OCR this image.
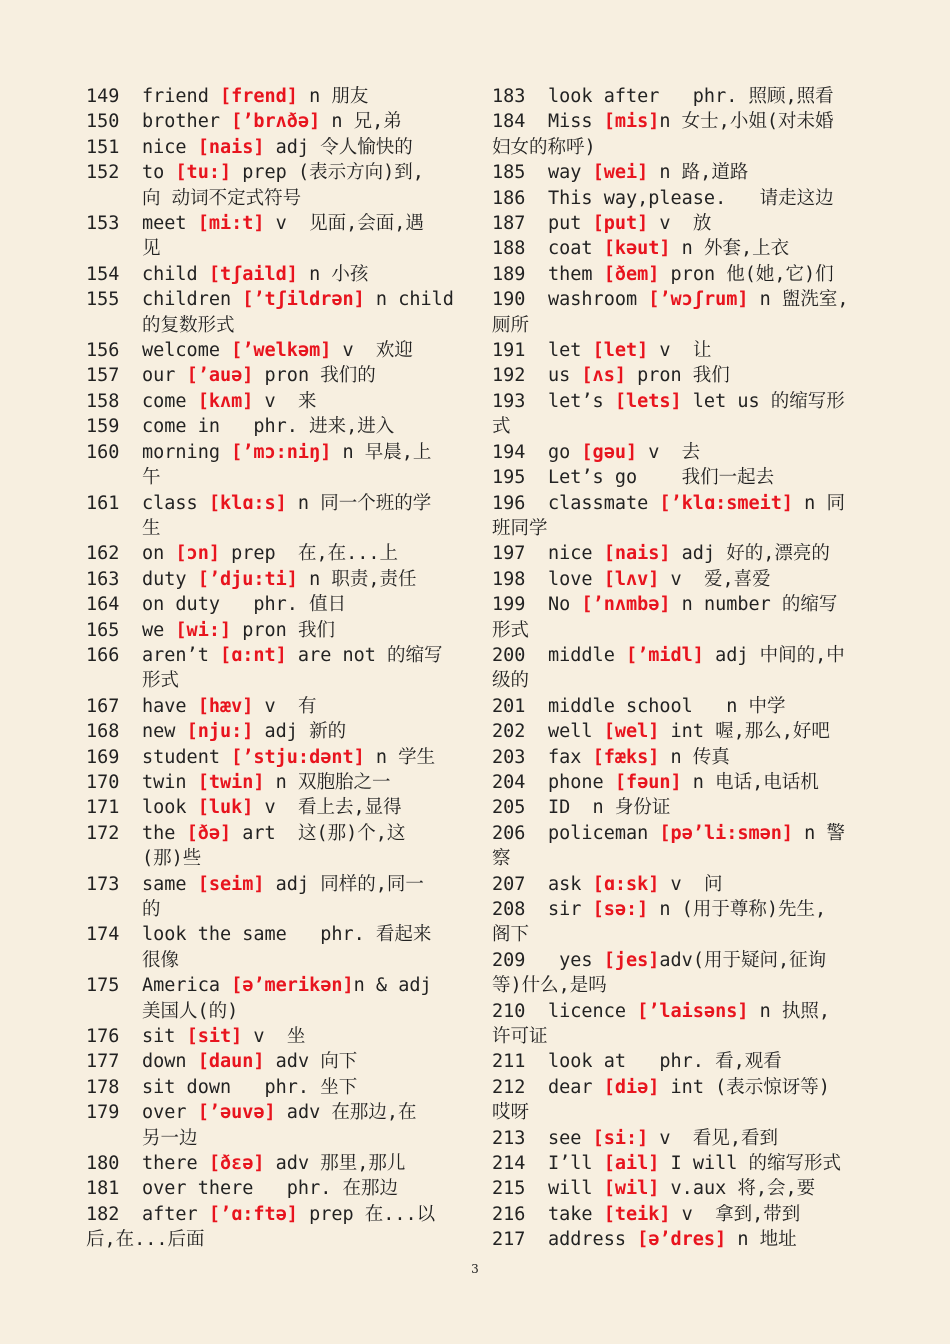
149 friend [frend] n 朋友
150 brother [’brʌðə] n 兄,弟
151 nice [nais] adj 令人愉快的
152 to [tu:] prep (表示方向)到,
向 动词不定式符号
153 meet [mi:t] v  见面,会面,遇
见
154 child [tʃaild] n 小孩
155 children [’tʃildrən] n child
的复数形式
156 welcome [’welkəm] v  欢迎
157 our [’auə] pron 我们的
158 come [kʌm] v  来
159 come in   phr. 进来,进入
160 morning [’mɔ:niŋ] n 早晨,上
午
161 class [klɑ:s] n 同一个班的学
生
162 on [ɔn] prep  在,在...上
163 duty [’dju:ti] n 职责,责任
164 on duty   phr. 值日
165 we [wi:] pron 我们
166 aren’t [ɑ:nt] are not 的缩写
形式
167 have [hæv] v  有
168 new [nju:] adj 新的
169 student [’stju:dənt] n 学生
170 twin [twin] n 双胞胎之一
171 look [luk] v  看上去,显得
172 the [ðə] art  这(那)个,这
(那)些
173 same [seim] adj 同样的,同一
的
174 look the same   phr. 看起来
很像
175 America [ə’merikən]n & adj
美国人(的)
176 sit [sit] v  坐
177 down [daun] adv 向下
178 sit down   phr. 坐下
179 over [’əuvə] adv 在那边,在
另一边
180 there [ðɛə] adv 那里,那儿
181 over there   phr. 在那边
182 after [’ɑ:ftə] prep 在...以
后,在...后面
183 look after   phr. 照顾,照看
184 Miss [mis]n 女士,小姐(对未婚
妇女的称呼)
185 way [wei] n 路,道路
186 This way,please.   请走这边
187 put [put] v  放
188 coat [kəut] n 外套,上衣
189 them [ðem] pron 他(她,它)们
190 washroom [’wɔʃrum] n 盥洗室,
厕所
191 let [let] v  让
192 us [ʌs] pron 我们
193 let’s [lets] let us 的缩写形
式
194 go [gəu] v  去
195 Let’s go    我们一起去
196 classmate [’klɑ:smeit] n 同
班同学
197 nice [nais] adj 好的,漂亮的
198 love [lʌv] v  爱,喜爱
199 No [’nʌmbə] n number 的缩写
形式
200 middle [’midl] adj 中间的,中
级的
201 middle school   n 中学
202 well [wel] int 喔,那么,好吧
203 fax [fæks] n 传真
204 phone [fəun] n 电话,电话机
205 ID  n 身份证
206 policeman [pə’li:smən] n 警
察
207 ask [ɑ:sk] v  问
208 sir [sə:] n (用于尊称)先生,
阁下
209 yes [jes]adv(用于疑问,征询
等)什么,是吗
210 licence [’laisəns] n 执照,
许可证
211 look at   phr. 看,观看
212 dear [diə] int (表示惊讶等)
哎呀
213 see [si:] v  看见,看到
214 I’ll [ail] I will 的缩写形式
215 will [wil] v.aux 将,会,要
216 take [teik] v  拿到,带到
217 address [ə’dres] n 地址
3
